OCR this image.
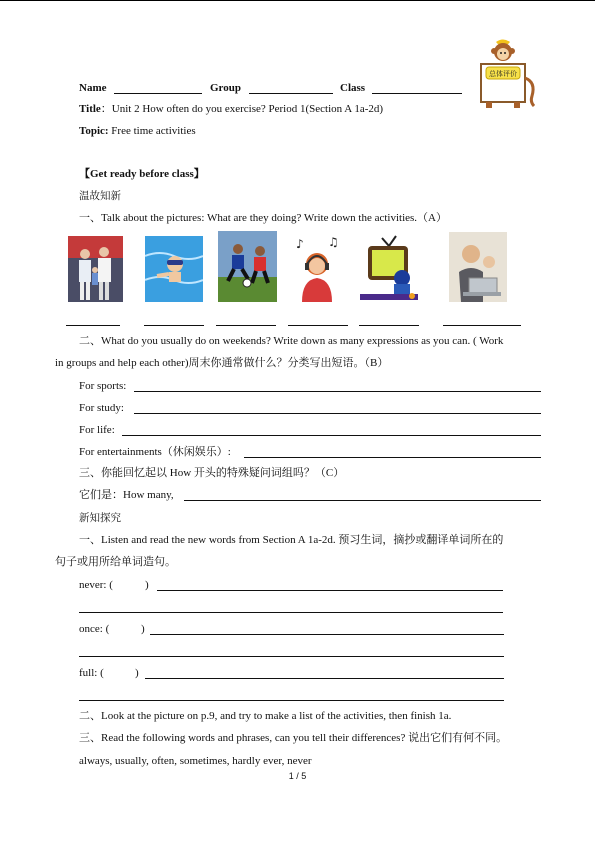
Name	Group	Class
总体评价
Title：Unit 2 How often do you exercise? Period 1(Section A 1a-2d)
Topic: Free time activities
【Get ready before class】
温故知新
一、Talk about the pictures: What are they doing? Write down the activities.（A）
♪ ♫
二、What do you usually do on weekends? Write down as many expressions as you can. ( Work
in groups and help each other)周末你通常做什么？分类写出短语。（B）
For sports:
For study:
For life:
For entertainments（休闲娱乐）:
三、你能回忆起以 How 开头的特殊疑问词组吗？（C）
它们是：How many,
新知探究
一、Listen and read the new words from Section A 1a-2d. 预习生词，摘抄或翻译单词所在的
句子或用所给单词造句。
never: (	)
once: (	)
full: (	)
二、Look at the picture on p.9, and try to make a list of the activities, then finish 1a.
三、Read the following words and phrases, can you tell their differences? 说出它们有何不同。
always, usually, often, sometimes, hardly ever, never
1 / 5
